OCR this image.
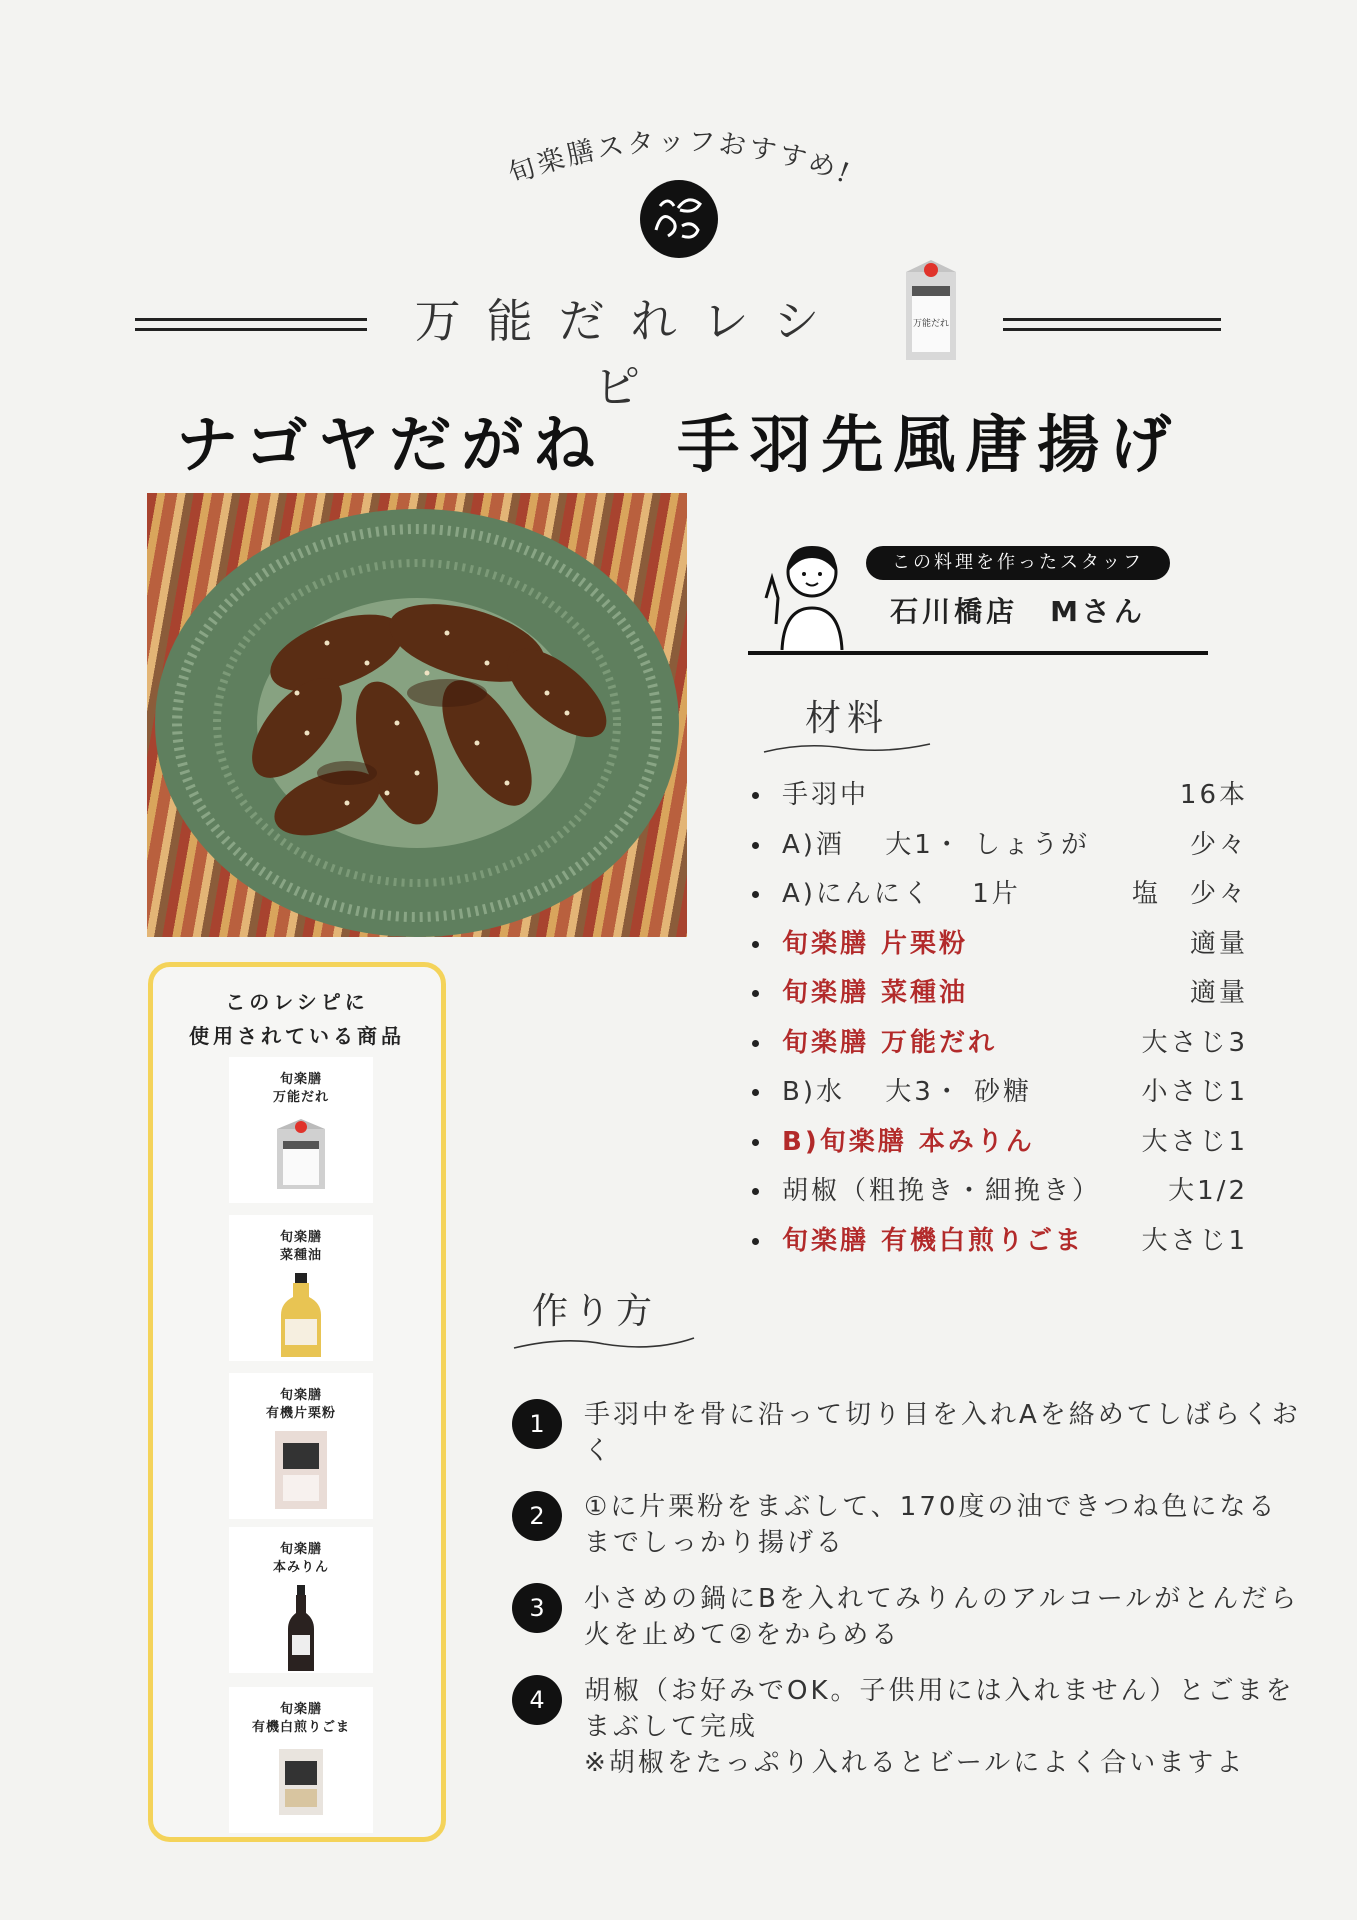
旬楽膳スタッフおすすめ!
万能だれレシピ
万能だれ
ナゴヤだがね　手羽先風唐揚げ
この料理を作ったスタッフ
石川橋店　Mさん
材料
手羽中	16本
A)酒　 大1・ しょうが	少々
A)にんにく　 1片	塩　少々
旬楽膳 片栗粉	適量
旬楽膳 菜種油	適量
旬楽膳 万能だれ	大さじ3
B)水　 大3・ 砂糖	小さじ1
B)旬楽膳 本みりん	大さじ1
胡椒（粗挽き・細挽き）	大1/2
旬楽膳 有機白煎りごま 大さじ1
作り方
1	手羽中を骨に沿って切り目を入れAを絡めてしばらくおく
2	①に片栗粉をまぶして、170度の油できつね色になるまでしっかり揚げる
3	小さめの鍋にBを入れてみりんのアルコールがとんだら火を止めて②をからめる
4	胡椒（お好みでOK。子供用には入れません）とごまをまぶして完成
※胡椒をたっぷり入れるとビールによく合いますよ
このレシピに
使用されている商品
旬楽膳
万能だれ
旬楽膳
菜種油
旬楽膳
有機片栗粉
旬楽膳
本みりん
旬楽膳
有機白煎りごま
